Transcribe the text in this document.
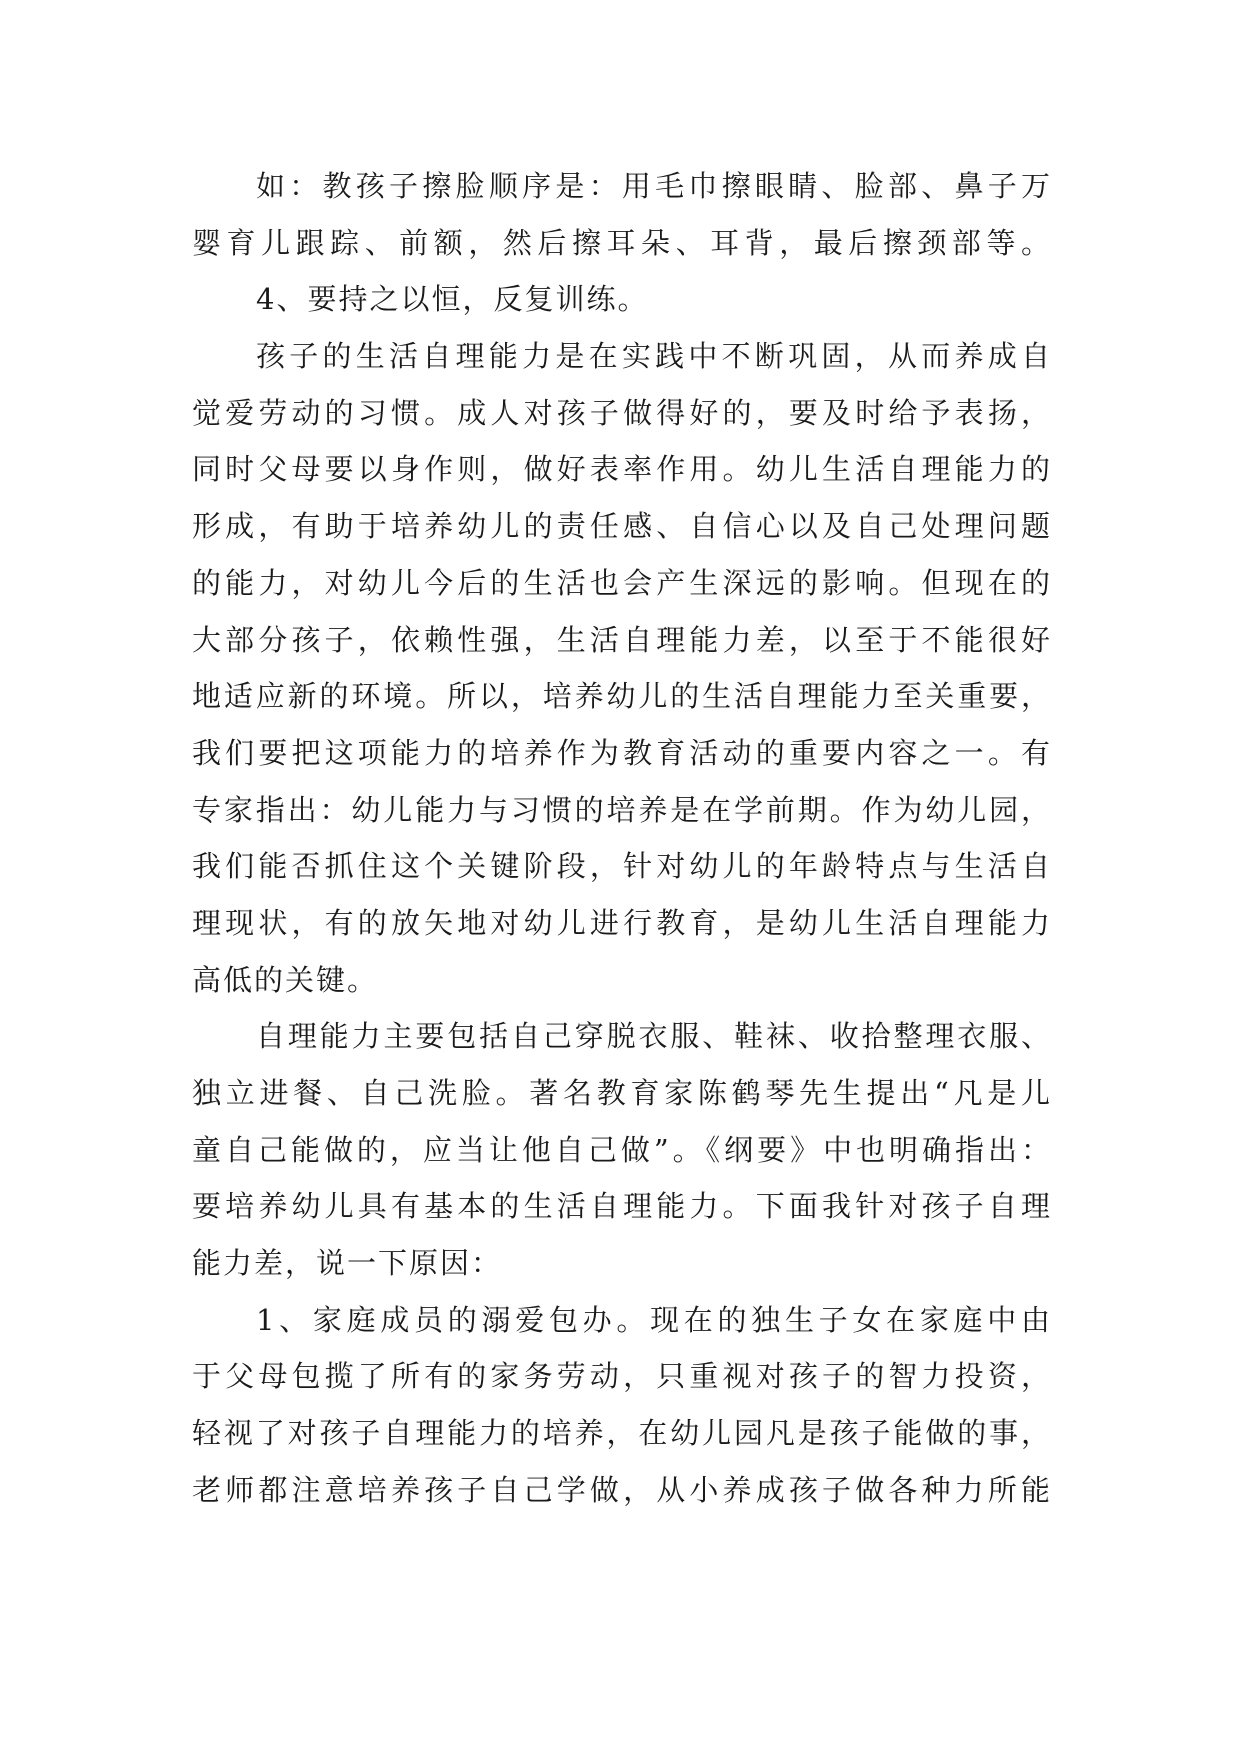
如：教孩子擦脸顺序是：用毛巾擦眼睛、脸部、鼻子万
婴育儿跟踪、前额，然后擦耳朵、耳背，最后擦颈部等。
4、要持之以恒，反复训练。
孩子的生活自理能力是在实践中不断巩固，从而养成自
觉爱劳动的习惯。成人对孩子做得好的，要及时给予表扬，
同时父母要以身作则，做好表率作用。幼儿生活自理能力的
形成，有助于培养幼儿的责任感、自信心以及自己处理问题
的能力，对幼儿今后的生活也会产生深远的影响。但现在的
大部分孩子，依赖性强，生活自理能力差，以至于不能很好
地适应新的环境。所以，培养幼儿的生活自理能力至关重要，
我们要把这项能力的培养作为教育活动的重要内容之一。有
专家指出：幼儿能力与习惯的培养是在学前期。作为幼儿园，
我们能否抓住这个关键阶段，针对幼儿的年龄特点与生活自
理现状，有的放矢地对幼儿进行教育，是幼儿生活自理能力
高低的关键。
自理能力主要包括自己穿脱衣服、鞋袜、收拾整理衣服、
独立进餐、自己洗脸。著名教育家陈鹤琴先生提出“凡是儿
童自己能做的，应当让他自己做”。《纲要》中也明确指出：
要培养幼儿具有基本的生活自理能力。下面我针对孩子自理
能力差，说一下原因：
1、家庭成员的溺爱包办。现在的独生子女在家庭中由
于父母包揽了所有的家务劳动，只重视对孩子的智力投资，
轻视了对孩子自理能力的培养，在幼儿园凡是孩子能做的事，
老师都注意培养孩子自己学做，从小养成孩子做各种力所能
